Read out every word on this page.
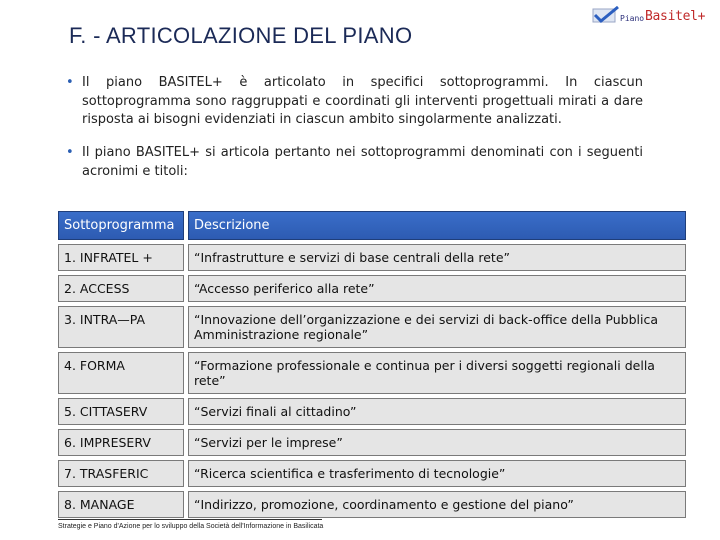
F. - ARTICOLAZIONE DEL PIANO
Piano Basitel+
• Il piano BASITEL+ è articolato in specifici sottoprogrammi. In ciascun sottoprogramma sono raggruppati e coordinati gli interventi progettuali mirati a dare risposta ai bisogni evidenziati in ciascun ambito singolarmente analizzati.
• Il piano BASITEL+ si articola pertanto nei sottoprogrammi denominati con i seguenti acronimi e titoli:
Sottoprogramma	Descrizione
1. INFRATEL +	“Infrastrutture e servizi di base centrali della rete”
2. ACCESS	“Accesso periferico alla rete”
3. INTRA—PA	“Innovazione dell’organizzazione e dei servizi di back-office della Pubblica Amministrazione regionale”
4. FORMA	“Formazione professionale e continua per i diversi soggetti regionali della rete”
5. CITTASERV	“Servizi finali al cittadino”
6. IMPRESERV	“Servizi per le imprese”
7. TRASFERIC	“Ricerca scientifica e trasferimento di tecnologie”
8. MANAGE	“Indirizzo, promozione, coordinamento e gestione del piano”
Strategie e Piano d'Azione per lo sviluppo della Società dell'Informazione in Basilicata
